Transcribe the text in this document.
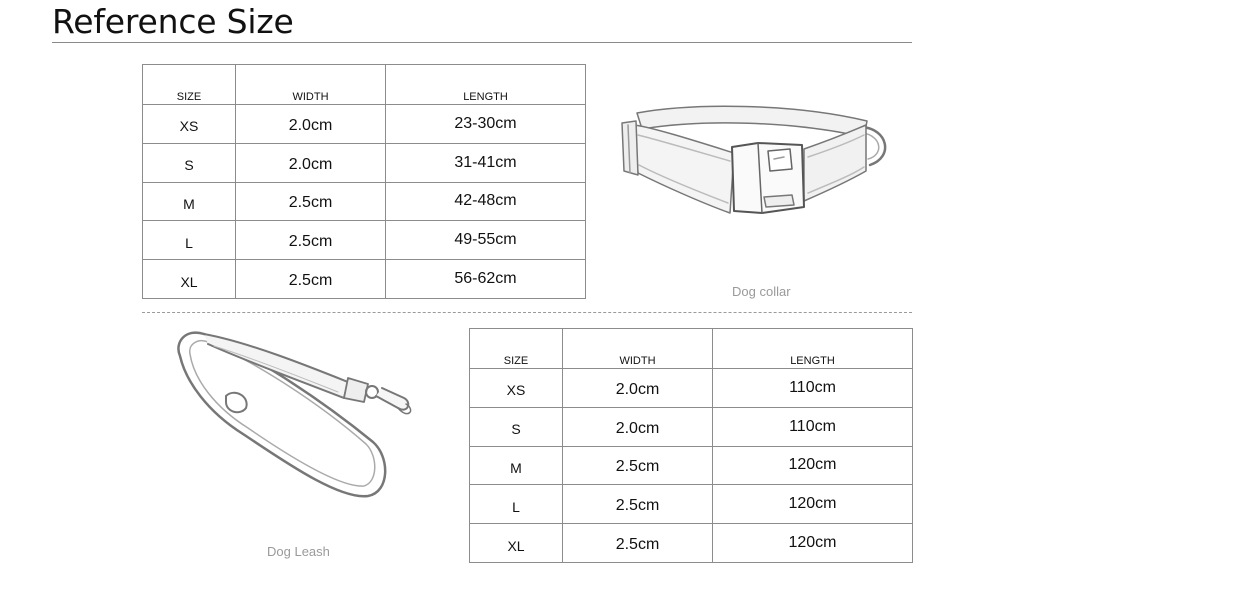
Reference Size
SIZE	WIDTH	LENGTH
XS	2.0cm	23-30cm
S	2.0cm	31-41cm
M	2.5cm	42-48cm
L	2.5cm	49-55cm
XL	2.5cm	56-62cm
Dog collar
Dog Leash
SIZE	WIDTH	LENGTH
XS	2.0cm	110cm
S	2.0cm	110cm
M	2.5cm	120cm
L	2.5cm	120cm
XL	2.5cm	120cm
